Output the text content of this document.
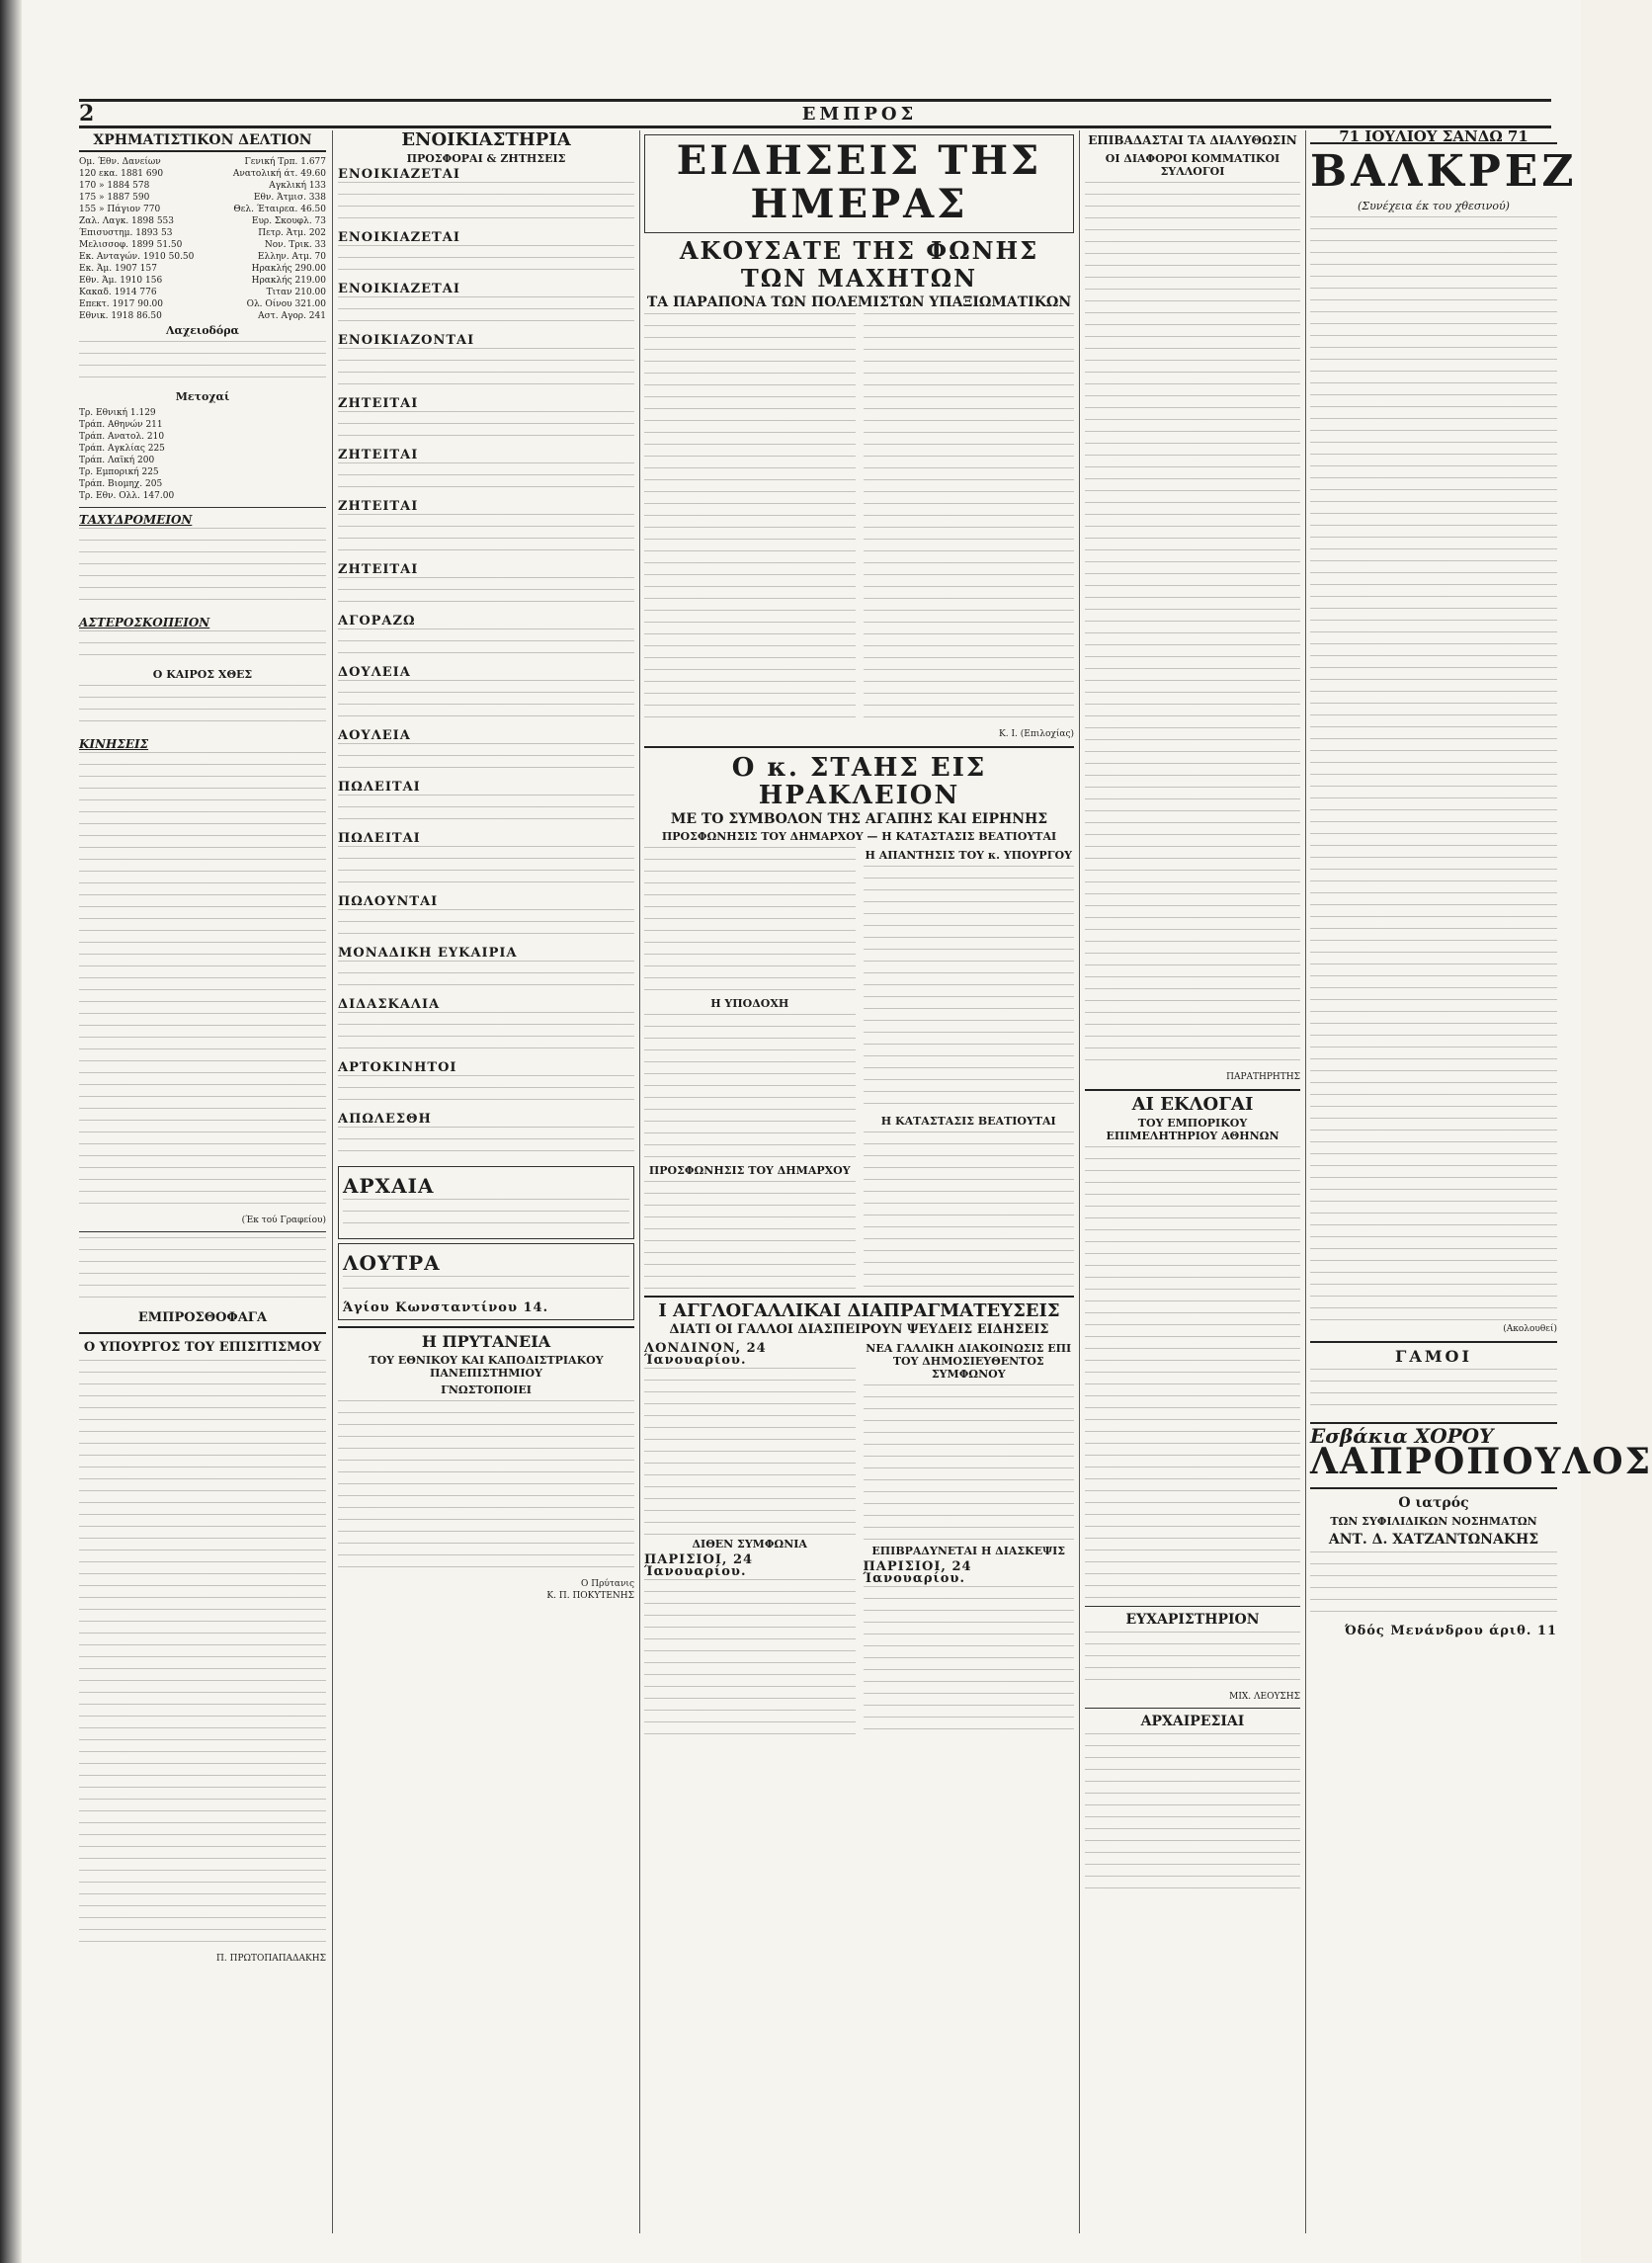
2	ΕΜΠΡΟΣ
ΧΡΗΜΑΤΙΣΤΙΚΟΝ ΔΕΛΤΙΟΝ
Ομ. Έθν. Δανείων	Γενική Τρπ. 1.677
120 εκα. 1881 690	Ανατολική άτ. 49.60
170 » 1884 578	Αγκλική 133
175 » 1887 590	Εθν. Άτμισ. 338
155 » Πάγιον 770	Θελ. Έταιρεα. 46.50
Ζαλ. Λαγκ. 1898 553	Ευρ. Σκουφλ. 73
Έπισυστημ. 1893 53	Πετρ. Άτμ. 202
Μελισσοφ. 1899 51.50	Νον. Τρικ. 33
Εκ. Ανταγών. 1910 50.50	Ελλην. Ατμ. 70
Εκ. Άμ. 1907 157	Ηρακλής 290.00
Εθν. Άμ. 1910 156	Ηρακλής 219.00
Κακαδ. 1914 776	Τιταν 210.00
Επεκτ. 1917 90.00	Ολ. Οίνου 321.00
Εθνικ. 1918 86.50	Αστ. Αγορ. 241
Λαχειοδόρα
Μετοχαί
Τρ. Εθνική 1.129
Τράπ. Αθηνών 211
Τράπ. Ανατολ. 210
Τράπ. Αγκλίας 225
Τράπ. Λαϊκή 200
Τρ. Εμπορική 225
Τράπ. Βιομηχ. 205
Τρ. Εθν. Ολλ. 147.00
ΤΑΧΥΔΡΟΜΕΙΟΝ
ΑΣΤΕΡΟΣΚΟΠΕΙΟΝ
Ο ΚΑΙΡΟΣ ΧΘΕΣ
ΚΙΝΗΣΕΙΣ
(Έκ τού Γραφείου)
ΕΜΠΡΟΣΘΟΦΑΓΑ
Ο ΥΠΟΥΡΓΟΣ ΤΟΥ ΕΠΙΣΙΤΙΣΜΟΥ
Π. ΠΡΩΤΟΠΑΠΑΔΑΚΗΣ
ΕΝΟΙΚΙΑΣΤΗΡΙΑ
ΠΡΟΣΦΟΡΑΙ & ΖΗΤΗΣΕΙΣ
ΕΝΟΙΚΙΑΖΕΤΑΙ
ΕΝΟΙΚΙΑΖΕΤΑΙ
ΕΝΟΙΚΙΑΖΕΤΑΙ
ΕΝΟΙΚΙΑΖΟΝΤΑΙ
ΖΗΤΕΙΤΑΙ
ΖΗΤΕΙΤΑΙ
ΖΗΤΕΙΤΑΙ
ΖΗΤΕΙΤΑΙ
ΑΓΟΡΑΖΩ
ΔΟΥΛΕΙΑ
ΑΟΥΛΕΙΑ
ΠΩΛΕΙΤΑΙ
ΠΩΛΕΙΤΑΙ
ΠΩΛΟΥΝΤΑΙ
ΜΟΝΑΔΙΚΗ ΕΥΚΑΙΡΙΑ
ΔΙΔΑΣΚΑΛΙΑ
ΑΡΤΟΚΙΝΗΤΟΙ
ΑΠΩΛΕΣΘΗ
ΑΡΧΑΙΑ
ΛΟΥΤΡΑ
Άγίου Κωνσταντίνου 14.
Η ΠΡΥΤΑΝΕΙΑ
ΤΟΥ ΕΘΝΙΚΟΥ ΚΑΙ ΚΑΠΟΔΙΣΤΡΙΑΚΟΥ ΠΑΝΕΠΙΣΤΗΜΙΟΥ
ΓΝΩΣΤΟΠΟΙΕΙ
Ο Πρύτανις
Κ. Π. ΠΟΚΥΤΕΝΗΣ
ΕΙΔΗΣΕΙΣ ΤΗΣ ΗΜΕΡΑΣ
ΑΚΟΥΣΑΤΕ ΤΗΣ ΦΩΝΗΣ ΤΩΝ ΜΑΧΗΤΩΝ
ΤΑ ΠΑΡΑΠΟΝΑ ΤΩΝ ΠΟΛΕΜΙΣΤΩΝ ΥΠΑΞΙΩΜΑΤΙΚΩΝ
Κ. Ι. (Επιλοχίας)
Ο κ. ΣΤΑΗΣ ΕΙΣ ΗΡΑΚΛΕΙΟΝ
ΜΕ ΤΟ ΣΥΜΒΟΛΟΝ ΤΗΣ ΑΓΑΠΗΣ ΚΑΙ ΕΙΡΗΝΗΣ
ΠΡΟΣΦΩΝΗΣΙΣ ΤΟΥ ΔΗΜΑΡΧΟΥ — Η ΚΑΤΑΣΤΑΣΙΣ ΒΕΑΤΙΟΥΤΑΙ
Η ΥΠΟΔΟΧΗ
ΠΡΟΣΦΩΝΗΣΙΣ ΤΟΥ ΔΗΜΑΡΧΟΥ
Η ΑΠΑΝΤΗΣΙΣ ΤΟΥ κ. ΥΠΟΥΡΓΟΥ
Η ΚΑΤΑΣΤΑΣΙΣ ΒΕΑΤΙΟΥΤΑΙ
Ι ΑΓΓΛΟΓΑΛΛΙΚΑΙ ΔΙΑΠΡΑΓΜΑΤΕΥΣΕΙΣ
ΔΙΑΤΙ ΟΙ ΓΑΛΛΟΙ ΔΙΑΣΠΕΙΡΟΥΝ ΨΕΥΔΕΙΣ ΕΙΔΗΣΕΙΣ
ΛΟΝΔΙΝΟΝ, 24 Ίανουαρίου.
ΔΙΘΕΝ ΣΥΜΦΩΝΙΑ
ΠΑΡΙΣΙΟΙ, 24 Ίανουαρίου.
ΝΕΑ ΓΑΛΛΙΚΗ ΔΙΑΚΟΙΝΩΣΙΣ ΕΠΙ ΤΟΥ ΔΗΜΟΣΙΕΥΘΕΝΤΟΣ ΣΥΜΦΩΝΟΥ
ΕΠΙΒΡΑΔΥΝΕΤΑΙ Η ΔΙΑΣΚΕΨΙΣ
ΠΑΡΙΣΙΟΙ, 24 Ίανουαρίου.
ΕΠΙΒΑΔΑΣΤΑΙ ΤΑ ΔΙΑΛΥΘΩΣΙΝ
ΟΙ ΔΙΑΦΟΡΟΙ ΚΟΜΜΑΤΙΚΟΙ ΣΥΛΛΟΓΟΙ
ΠΑΡΑΤΗΡΗΤΗΣ
ΑΙ ΕΚΛΟΓΑΙ
ΤΟΥ ΕΜΠΟΡΙΚΟΥ ΕΠΙΜΕΛΗΤΗΡΙΟΥ ΑΘΗΝΩΝ
ΕΥΧΑΡΙΣΤΗΡΙΟΝ
ΜΙΧ. ΛΕΟΥΣΗΣ
ΑΡΧΑΙΡΕΣΙΑΙ
71 ΙΟΥΛΙΟΥ ΣΑΝΔΩ 71
ΒΑΛΚΡΕΖ
(Συνέχεια έκ του χθεσινού)
(Ακολουθεί)
ΓΑΜΟΙ
Εσβάκια ΧΟΡΟΥ
ΛΑΠΡΟΠΟΥΛΟΣ
Ο ιατρός
ΤΩΝ ΣΥΦΙΛΙΔΙΚΩΝ ΝΟΣΗΜΑΤΩΝ
ΑΝΤ. Δ. ΧΑΤΖΑΝΤΩΝΑΚΗΣ
Όδός Μενάνδρου άριθ. 11
